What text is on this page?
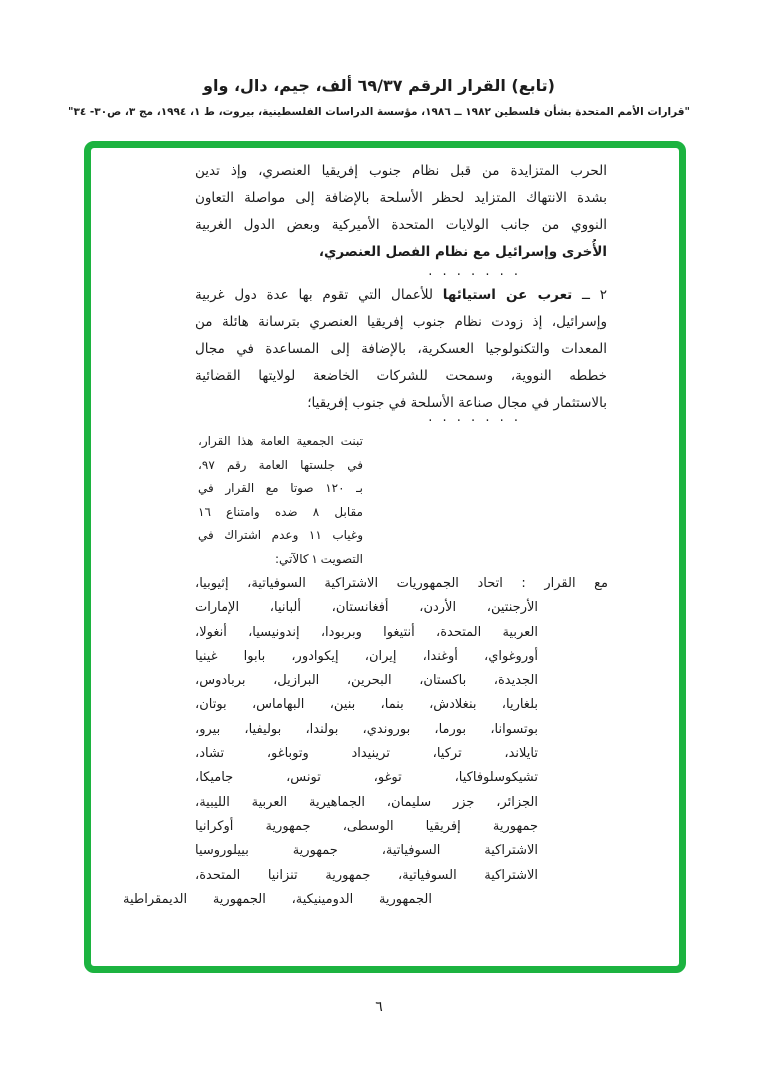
(تابع) القرار الرقم ٦٩/٣٧ ألف، جيم، دال، واو
"قرارات الأمم المتحدة بشأن فلسطين ١٩٨٢ ــ ١٩٨٦، مؤسسة الدراسات الفلسطينية، بيروت، ط ١، ١٩٩٤، مج ٣، ص٣٠- ٣٤"
الحرب المتزايدة من قبل نظام جنوب إفريقيا العنصري، وإذ تدين
بشدة الانتهاك المتزايد لحظر الأسلحة بالإضافة إلى مواصلة التعاون
النووي من جانب الولايات المتحدة الأميركية وبعض الدول الغربية
الأُخرى وإسرائيل مع نظام الفصل العنصري،
. . . . . . .
٢ ــ تعرب عن استيائها للأعمال التي تقوم بها عدة دول غربية
وإسرائيل، إذ زودت نظام جنوب إفريقيا العنصري بترسانة هائلة من
المعدات والتكنولوجيا العسكرية، بالإضافة إلى المساعدة في مجال
خططه النووية، وسمحت للشركات الخاضعة لولايتها القضائية
بالاستثمار في مجال صناعة الأسلحة في جنوب إفريقيا؛
. . . . . . .
تبنت الجمعية العامة هذا القرار،
في جلستها العامة رقم ٩٧،
بـ ١٢٠ صوتا مع القرار في
مقابل ٨ ضده وامتناع ١٦
وغياب ١١ وعدم اشتراك في
التصويت ١ كالآتي:
مع القرار : اتحاد الجمهوريات الاشتراكية السوفياتية، إثيوبيا،
الأرجنتين، الأردن، أفغانستان، ألبانيا، الإمارات
العربية المتحدة، أنتيغوا وبربودا، إندونيسيا، أنغولا،
أوروغواي، أوغندا، إيران، إيكوادور، بابوا غينيا
الجديدة، باكستان، البحرين، البرازيل، بربادوس،
بلغاريا، بنغلادش، بنما، بنين، البهاماس، بوتان،
بوتسوانا، بورما، بوروندي، بولندا، بوليفيا، بيرو،
تايلاند، تركيا، ترينيداد وتوباغو، تشاد،
تشيكوسلوفاكيا، توغو، تونس، جاميكا،
الجزائر، جزر سليمان، الجماهيرية العربية الليبية،
جمهورية إفريقيا الوسطى، جمهورية أوكرانيا
الاشتراكية السوفياتية، جمهورية بييلوروسيا
الاشتراكية السوفياتية، جمهورية تنزانيا المتحدة،
الجمهورية الدومينيكية، الجمهورية الديمقراطية
٦
